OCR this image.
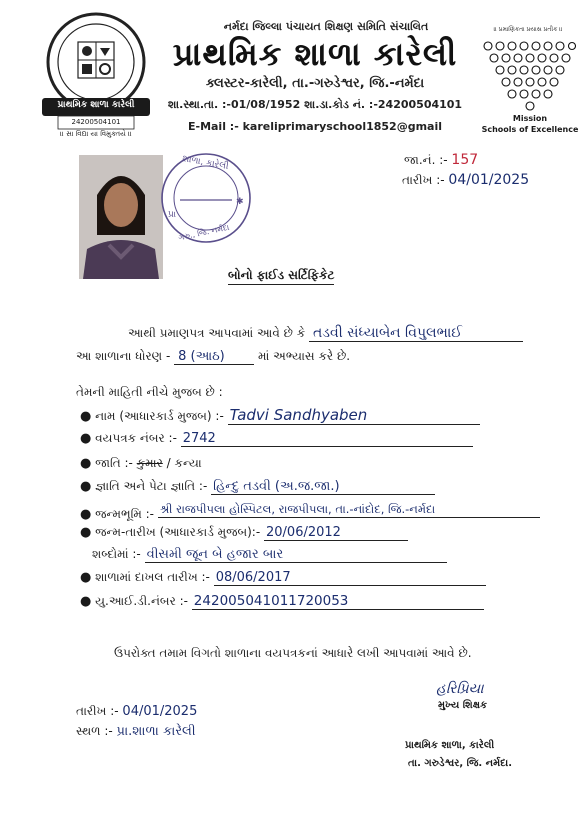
પ્રાથમિક શાળા કારેલી
24200504101
॥ સા વિદ્યા યા વિમુક્તયે ॥
નર્મદા જિલ્લા પંચાયત શિક્ષણ સમિતિ સંચાલિત
પ્રાથમિક શાળા કારેલી
ક્લસ્ટર-કારેલી, તા.-ગરુડેશ્વર, જિ.-નર્મદા
શા.સ્થા.તા. :-01/08/1952 શા.ડા.કોડ નં. :-24200504101
E-Mail :- kareliprimaryschool1852@gmail
॥ પ્રમાણિકતા પ્રયાસ પ્રતીક ॥
Mission
Schools of Excellence
✱
શાળા, કારેલી
પ્રા
ગરુ., જિ. નર્મદા
જા.નં. :- 157
તારીખ :- 04/01/2025
બોનો ફાઈડ સર્ટિફિકેટ
આથી પ્રમાણપત્ર આપવામાં આવે છે કે તડવી સંધ્યાબેન વિપુલભાઈ
આ શાળાના ધોરણ - 8 (આઠ)	માં અભ્યાસ કરે છે.
તેમની માહિતી નીચે મુજબ છે :
● નામ (આધારકાર્ડ મુજબ) :- Tadvi Sandhyaben
● વયપત્રક નંબર :- 2742
● જાતિ :- કુમાર / કન્યા
● જ્ઞાતિ અને પેટા જ્ઞાતિ :- હિન્દુ તડવી (અ.જ.જા.)
● જન્મભૂમિ :- શ્રી રાજપીપલા હોસ્પિટલ, રાજપીપલા, તા.-નાંદોદ, જિ.-નર્મદા
● જન્મ-તારીખ (આધારકાર્ડ મુજબ):- 20/06/2012
શબ્દોમાં :- વીસમી જૂન બે હજાર બાર
● શાળામાં દાખલ તારીખ :- 08/06/2017
● યુ.આઈ.ડી.નંબર :- 242005041011720053
ઉપરોક્ત તમામ વિગતો શાળાના વયપત્રકનાં આધારે લખી આપવામાં આવે છે.
તારીખ :- 04/01/2025
સ્થળ :- પ્રા.શાળા કારેલી
હરિપ્રિયા
મુખ્ય શિક્ષક
પ્રાથમિક શાળા, કારેલી
તા. ગરુડેશ્વર, જિ. નર્મદા.
